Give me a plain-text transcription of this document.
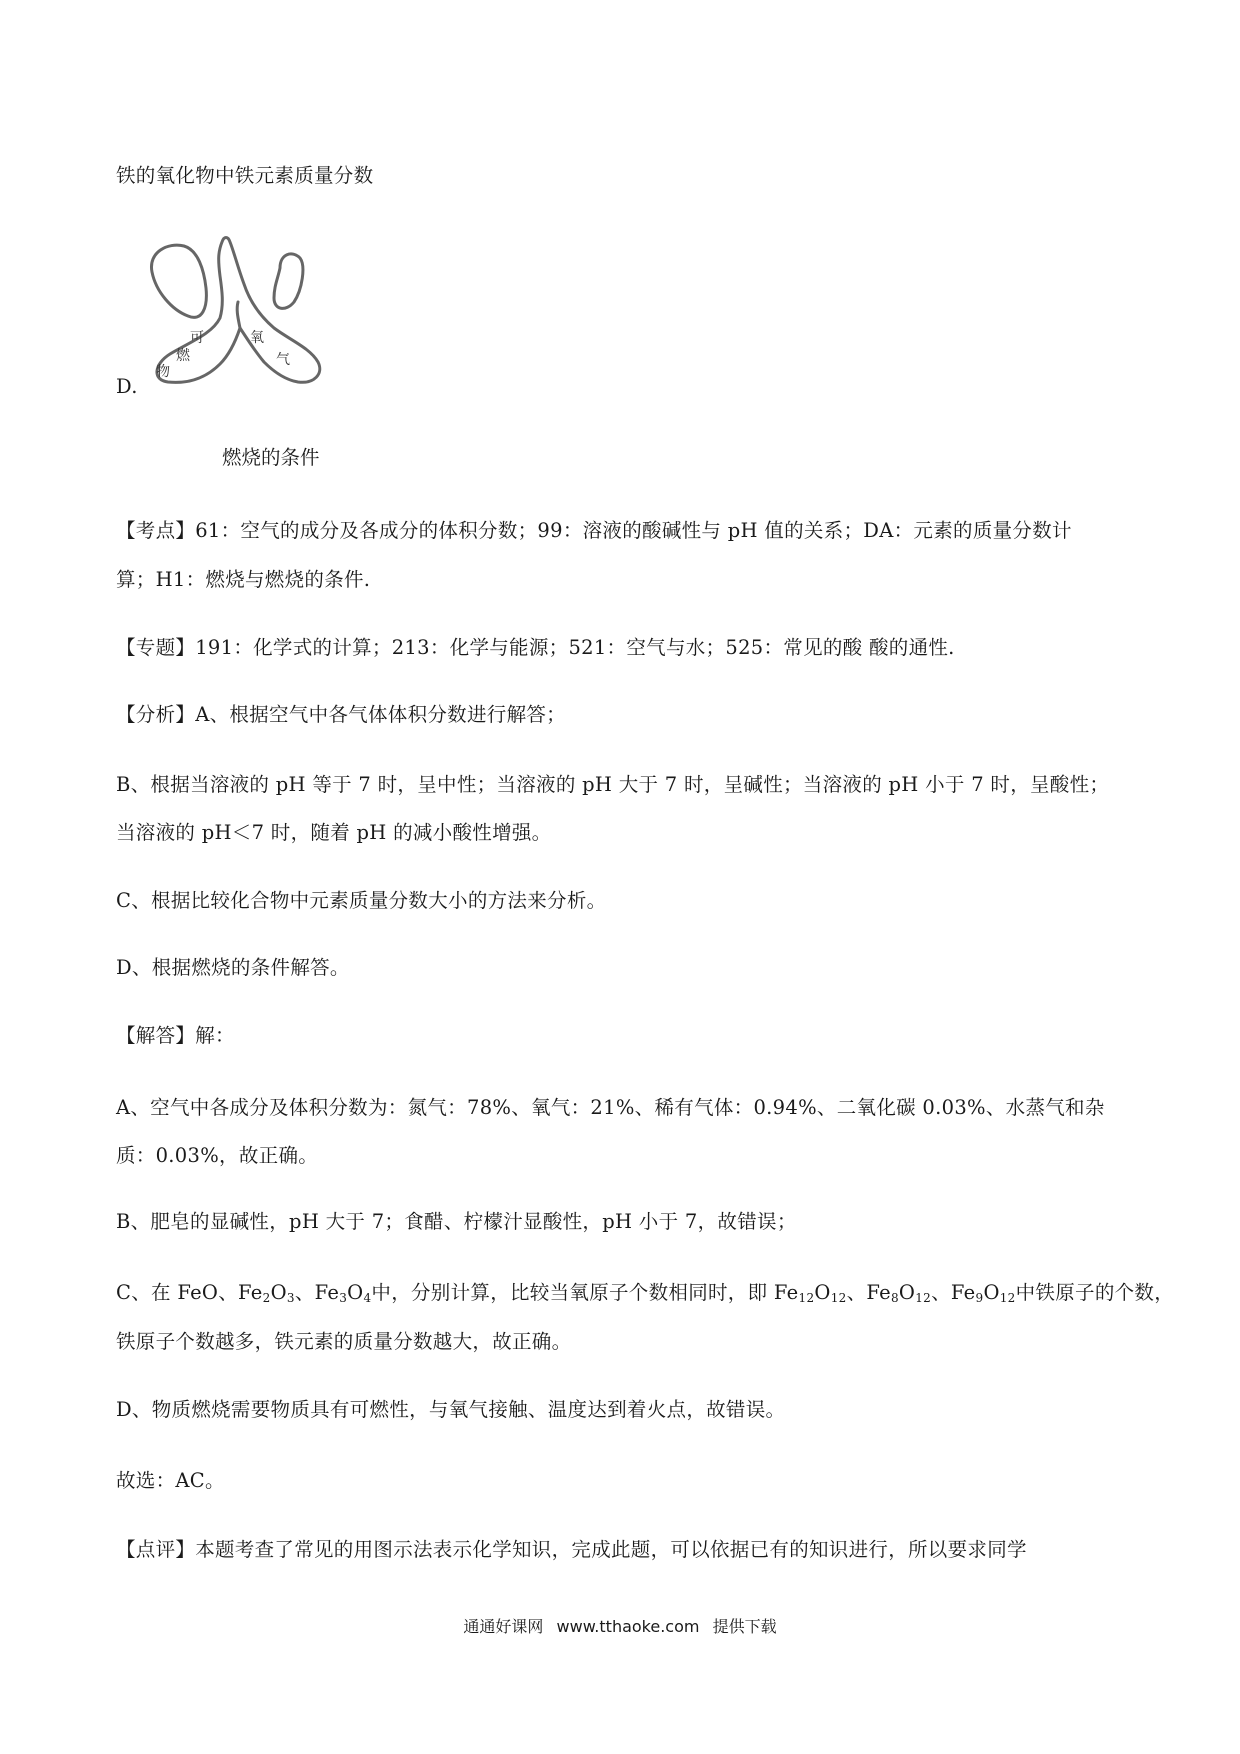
铁的氧化物中铁元素质量分数
D.
物
燃
可	氧
气
燃烧的条件
【考点】61：空气的成分及各成分的体积分数；99：溶液的酸碱性与 pH 值的关系；DA：元素的质量分数计
算；H1：燃烧与燃烧的条件.
【专题】191：化学式的计算；213：化学与能源；521：空气与水；525：常见的酸 酸的通性.
【分析】A、根据空气中各气体体积分数进行解答；
B、根据当溶液的 pH 等于 7 时，呈中性；当溶液的 pH 大于 7 时，呈碱性；当溶液的 pH 小于 7 时，呈酸性；
当溶液的 pH＜7 时，随着 pH 的减小酸性增强。
C、根据比较化合物中元素质量分数大小的方法来分析。
D、根据燃烧的条件解答。
【解答】解：
A、空气中各成分及体积分数为：氮气：78%、氧气：21%、稀有气体：0.94%、二氧化碳 0.03%、水蒸气和杂
质：0.03%，故正确。
B、肥皂的显碱性，pH 大于 7；食醋、柠檬汁显酸性，pH 小于 7，故错误；
C、在 FeO、$Fe_2O_3$、$Fe_3O_4$中，分别计算，比较当氧原子个数相同时，即 $Fe_{12}O_{12}$、$Fe_8O_{12}$、$Fe_9O_{12}$中铁原子的个数，
铁原子个数越多，铁元素的质量分数越大，故正确。
D、物质燃烧需要物质具有可燃性，与氧气接触、温度达到着火点，故错误。
故选：AC。
【点评】本题考查了常见的用图示法表示化学知识，完成此题，可以依据已有的知识进行，所以要求同学
通通好课网 www.tthaoke.com 提供下载
